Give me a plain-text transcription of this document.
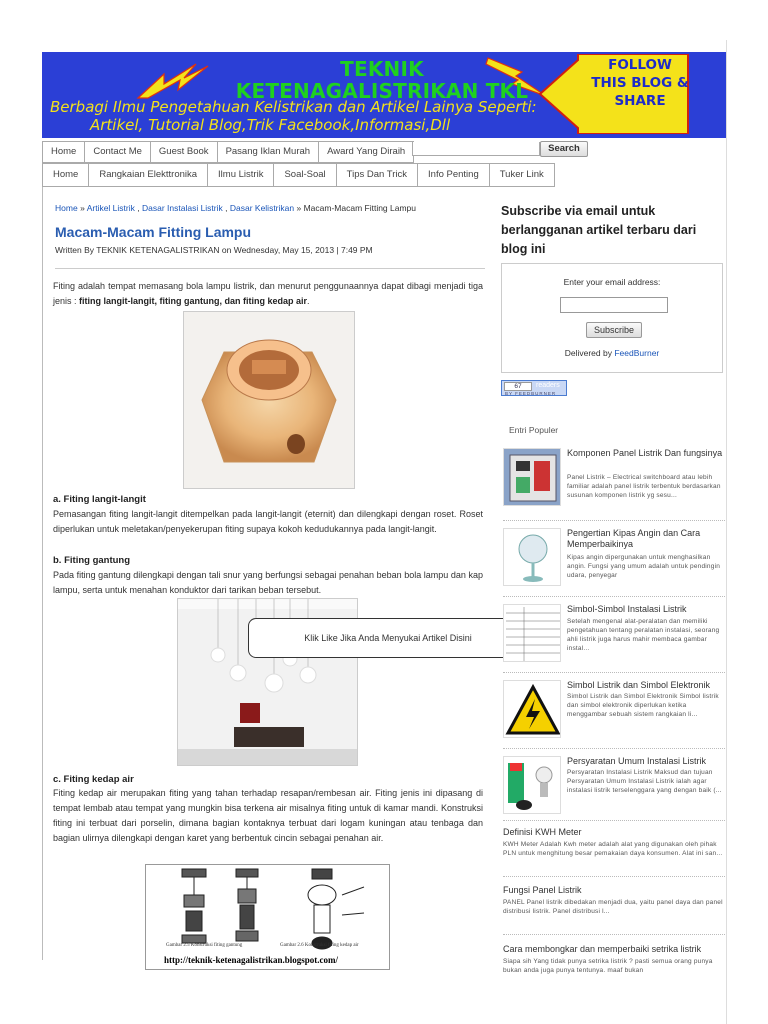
TEKNIK KETENAGALISTRIKAN TKL
Berbagi Ilmu Pengetahuan Kelistrikan dan Artikel Lainya Seperti:
Artikel, Tutorial Blog,Trik Facebook,Informasi,Dll
FOLLOW THIS BLOG & SHARE
Home	Contact Me	Guest Book	Pasang Iklan Murah	Award Yang Diraih	Search
Home	Rangkaian Elekttronika	Ilmu Listrik	Soal-Soal	Tips Dan Trick	Info Penting	Tuker Link
Home » Artikel Listrik , Dasar Instalasi Listrik , Dasar Kelistrikan » Macam-Macam Fitting Lampu
Macam-Macam Fitting Lampu
Written By TEKNIK KETENAGALISTRIKAN on Wednesday, May 15, 2013 | 7:49 PM
Fiting adalah tempat memasang bola lampu listrik, dan menurut penggunaannya dapat dibagi menjadi tiga jenis : fiting langit-langit, fiting gantung, dan fiting kedap air.
a. Fiting langit-langit
Pemasangan fiting langit-langit ditempelkan pada langit-langit (eternit) dan dilengkapi dengan roset. Roset diperlukan untuk meletakan/penyekerupan fiting supaya kokoh kedudukannya pada langit-langit.
b. Fiting gantung
Pada fiting gantung dilengkapi dengan tali snur yang berfungsi sebagai penahan beban bola lampu dan kap lampu, serta untuk menahan konduktor dari tarikan beban tersebut.
Klik Like Jika Anda Menyukai Artikel Disini
c. Fiting kedap air
Fiting kedap air merupakan fiting yang tahan terhadap resapan/rembesan air. Fiting jenis ini dipasang di tempat lembab atau tempat yang mungkin bisa terkena air misalnya fiting untuk di kamar mandi. Konstruksi fiting ini terbuat dari porselin, dimana bagian kontaknya terbuat dari logam kuningan atau tenbaga dan bagian ulirnya dilengkapi dengan karet yang berbentuk cincin sebagai penahan air.
Gambar 2.5 Konstruksi fiting gantung	Gambar 2.6 Konstruksi fiting kedap air
http://teknik-ketenagalistrikan.blogspot.com/
Subscribe via email untuk berlangganan artikel terbaru dari blog ini
Enter your email address:
Subscribe
Delivered by FeedBurner
67	readers
BY FEEDBURNER
Entri Populer
Komponen Panel Listrik Dan fungsinya
Panel Listrik – Electrical switchboard atau lebih familiar adalah panel listrik terbentuk berdasarkan susunan komponen listrik yg sesu...
Pengertian Kipas Angin dan Cara Memperbaikinya
Kipas angin dipergunakan untuk menghasilkan angin. Fungsi yang umum adalah untuk pendingin udara, penyegar
Simbol-Simbol Instalasi Listrik
Setelah mengenal alat-peralatan dan memiliki pengetahuan tentang peralatan instalasi, seorang ahli listrik juga harus mahir membaca gambar instal...
Simbol Listrik dan Simbol Elektronik
Simbol Listrik dan Simbol Elektronik Simbol listrik dan simbol elektronik diperlukan ketika menggambar sebuah sistem rangkaian li...
Persyaratan Umum Instalasi Listrik
Persyaratan Instalasi Listrik Maksud dan tujuan Persyaratan Umum Instalasi Listrik ialah agar instalasi listrik terselenggara yang dengan baik (...
Definisi KWH Meter
KWH Meter Adalah Kwh meter adalah alat yang digunakan oleh pihak PLN untuk menghitung besar pemakaian daya konsumen. Alat ini san...
Fungsi Panel Listrik
PANEL Panel listrik dibedakan menjadi dua, yaitu panel daya dan panel distribusi listrik. Panel distribusi l...
Cara membongkar dan memperbaiki setrika listrik
Siapa sih Yang tidak punya setrika listrik ? pasti semua orang punya bukan anda juga punya tentunya. maaf bukan
